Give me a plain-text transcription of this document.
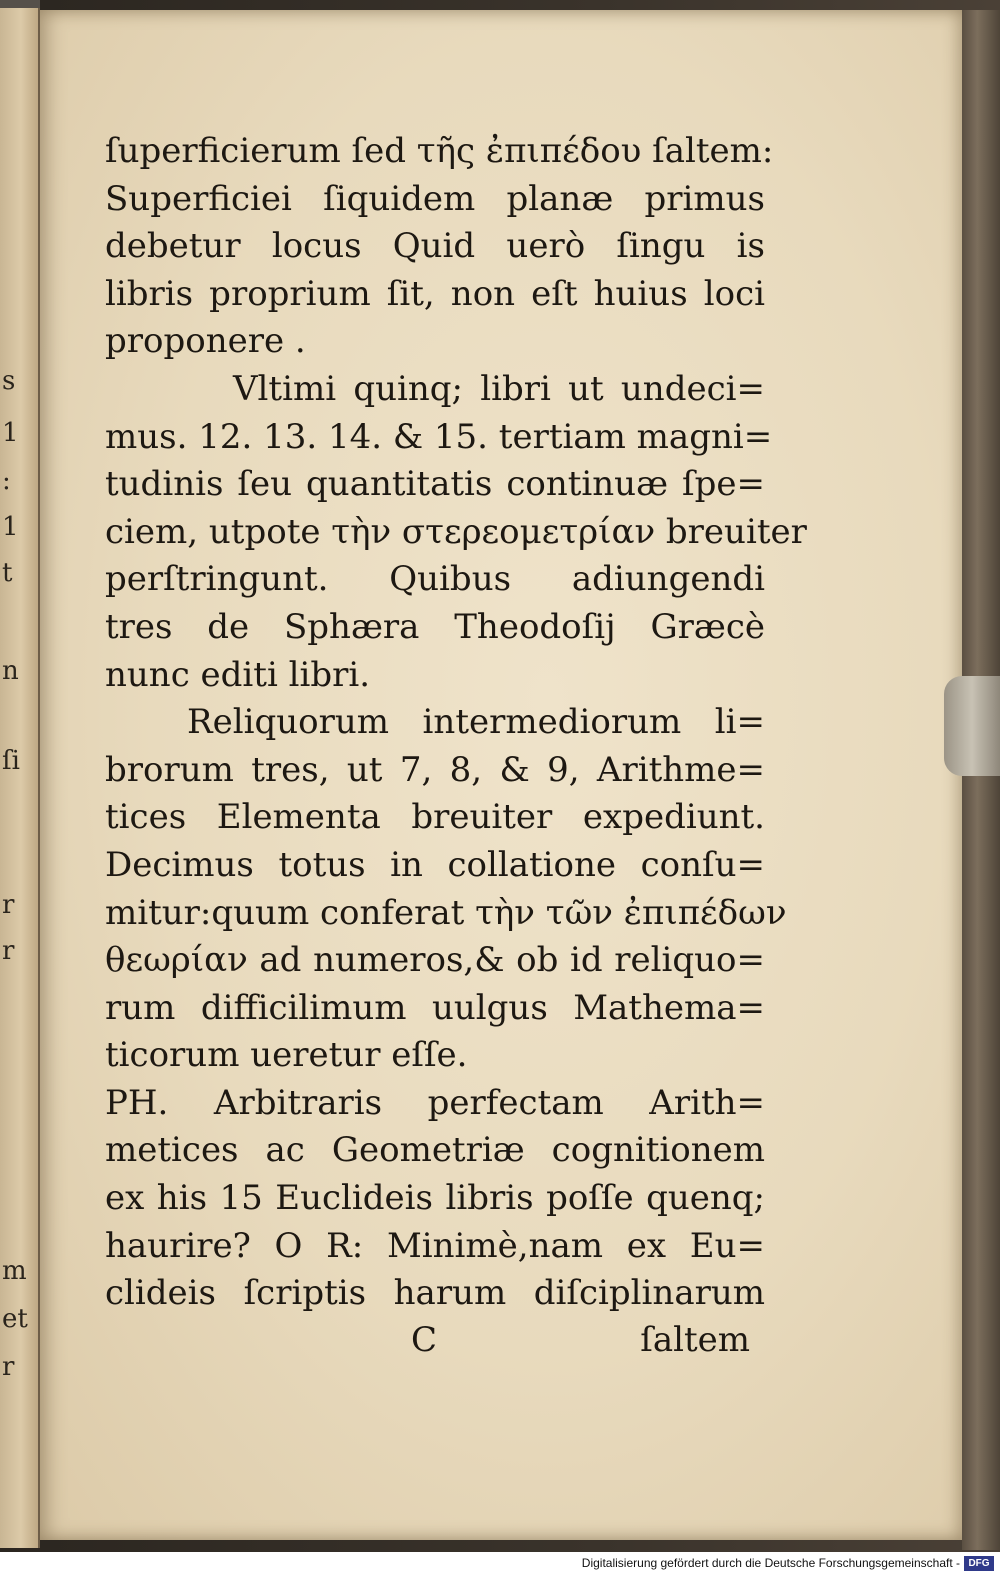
s
1
:
1
t
n
ſi
r
r
m
et
r
ſuperficierum ſed τῆς ἐπιπέδου ſaltem:
Superficiei ſiquidem planæ primus
debetur locus Quid uerò ſingu is
libris proprium ſit, non eſt huius loci
proponere .
Vltimi quinq; libri ut undeci=
mus. 12. 13. 14. & 15. tertiam magni=
tudinis ſeu quantitatis continuæ ſpe=
ciem, utpote τὴν στερεομετρίαν breuiter
perſtringunt. Quibus adiungendi
tres de Sphæra Theodoſij Græcè
nunc editi libri.
Reliquorum intermediorum li=
brorum tres, ut 7, 8, & 9, Arithme=
tices Elementa breuiter expediunt.
Decimus totus in collatione conſu=
mitur:quum conferat τὴν τῶν ἐπιπέδων
θεωρίαν ad numeros,& ob id reliquo=
rum difficilimum uulgus Mathema=
ticorum ueretur eſſe.
PH. Arbitraris perfectam Arith=
metices ac Geometriæ cognitionem
ex his 15 Euclideis libris poſſe quenq;
haurire? O R: Minimè,nam ex Eu=
clideis ſcriptis harum diſciplinarum
C	ſaltem
Digitalisierung gefördert durch die Deutsche Forschungsgemeinschaft - DFG
